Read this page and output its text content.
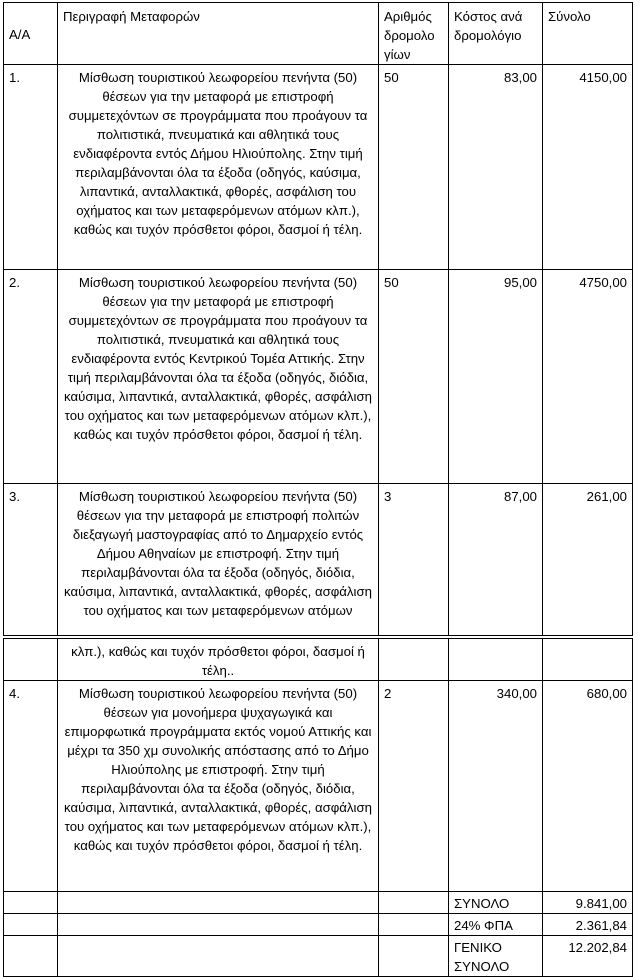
Α/Α	Περιγραφή Μεταφορών	Αριθμός δρομολο γίων	Κόστος ανά δρομολόγιο	Σύνολο
1.	Μίσθωση τουριστικού λεωφορείου πενήντα (50) θέσεων για την μεταφορά με επιστροφή συμμετεχόντων σε προγράμματα που προάγουν τα πολιτιστικά, πνευματικά και αθλητικά τους ενδιαφέροντα εντός Δήμου Ηλιούπολης. Στην τιμή περιλαμβάνονται όλα τα έξοδα (οδηγός, καύσιμα, λιπαντικά, ανταλλακτικά, φθορές, ασφάλιση του οχήματος και των μεταφερόμενων ατόμων κλπ.), καθώς και τυχόν πρόσθετοι φόροι, δασμοί ή τέλη.	50	83,00	4150,00
2.	Μίσθωση τουριστικού λεωφορείου πενήντα (50) θέσεων για την μεταφορά με επιστροφή συμμετεχόντων σε προγράμματα που προάγουν τα πολιτιστικά, πνευματικά και αθλητικά τους ενδιαφέροντα εντός Κεντρικού Τομέα Αττικής. Στην τιμή περιλαμβάνονται όλα τα έξοδα (οδηγός, διόδια, καύσιμα, λιπαντικά, ανταλλακτικά, φθορές, ασφάλιση του οχήματος και των μεταφερόμενων ατόμων κλπ.), καθώς και τυχόν πρόσθετοι φόροι, δασμοί ή τέλη.	50	95,00	4750,00
3.	Μίσθωση τουριστικού λεωφορείου πενήντα (50) θέσεων για την μεταφορά με επιστροφή πολιτών διεξαγωγή μαστογραφίας από το Δημαρχείο εντός Δήμου Αθηναίων με επιστροφή. Στην τιμή περιλαμβάνονται όλα τα έξοδα (οδηγός, διόδια, καύσιμα, λιπαντικά, ανταλλακτικά, φθορές, ασφάλιση του οχήματος και των μεταφερόμενων ατόμων	3	87,00	261,00

	κλπ.), καθώς και τυχόν πρόσθετοι φόροι, δασμοί ή τέλη..			
4.	Μίσθωση τουριστικού λεωφορείου πενήντα (50) θέσεων για μονοήμερα ψυχαγωγικά και επιμορφωτικά προγράμματα εκτός νομού Αττικής και μέχρι τα 350 χμ συνολικής απόστασης από το Δήμο Ηλιούπολης με επιστροφή. Στην τιμή περιλαμβάνονται όλα τα έξοδα (οδηγός, διόδια, καύσιμα, λιπαντικά, ανταλλακτικά, φθορές, ασφάλιση του οχήματος και των μεταφερόμενων ατόμων κλπ.), καθώς και τυχόν πρόσθετοι φόροι, δασμοί ή τέλη.	2	340,00	680,00
			ΣΥΝΟΛΟ	9.841,00
			24% ΦΠΑ	2.361,84
			ΓΕΝΙΚΟ ΣΥΝΟΛΟ	12.202,84
